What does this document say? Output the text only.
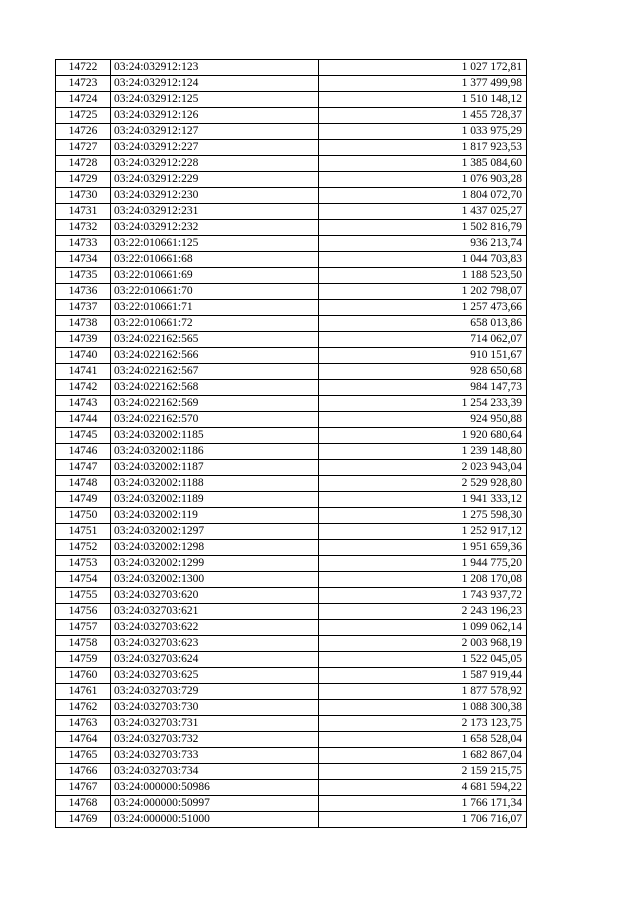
14722	03:24:032912:123	1 027 172,81
14723	03:24:032912:124	1 377 499,98
14724	03:24:032912:125	1 510 148,12
14725	03:24:032912:126	1 455 728,37
14726	03:24:032912:127	1 033 975,29
14727	03:24:032912:227	1 817 923,53
14728	03:24:032912:228	1 385 084,60
14729	03:24:032912:229	1 076 903,28
14730	03:24:032912:230	1 804 072,70
14731	03:24:032912:231	1 437 025,27
14732	03:24:032912:232	1 502 816,79
14733	03:22:010661:125	936 213,74
14734	03:22:010661:68	1 044 703,83
14735	03:22:010661:69	1 188 523,50
14736	03:22:010661:70	1 202 798,07
14737	03:22:010661:71	1 257 473,66
14738	03:22:010661:72	658 013,86
14739	03:24:022162:565	714 062,07
14740	03:24:022162:566	910 151,67
14741	03:24:022162:567	928 650,68
14742	03:24:022162:568	984 147,73
14743	03:24:022162:569	1 254 233,39
14744	03:24:022162:570	924 950,88
14745	03:24:032002:1185	1 920 680,64
14746	03:24:032002:1186	1 239 148,80
14747	03:24:032002:1187	2 023 943,04
14748	03:24:032002:1188	2 529 928,80
14749	03:24:032002:1189	1 941 333,12
14750	03:24:032002:119	1 275 598,30
14751	03:24:032002:1297	1 252 917,12
14752	03:24:032002:1298	1 951 659,36
14753	03:24:032002:1299	1 944 775,20
14754	03:24:032002:1300	1 208 170,08
14755	03:24:032703:620	1 743 937,72
14756	03:24:032703:621	2 243 196,23
14757	03:24:032703:622	1 099 062,14
14758	03:24:032703:623	2 003 968,19
14759	03:24:032703:624	1 522 045,05
14760	03:24:032703:625	1 587 919,44
14761	03:24:032703:729	1 877 578,92
14762	03:24:032703:730	1 088 300,38
14763	03:24:032703:731	2 173 123,75
14764	03:24:032703:732	1 658 528,04
14765	03:24:032703:733	1 682 867,04
14766	03:24:032703:734	2 159 215,75
14767	03:24:000000:50986	4 681 594,22
14768	03:24:000000:50997	1 766 171,34
14769	03:24:000000:51000	1 706 716,07
